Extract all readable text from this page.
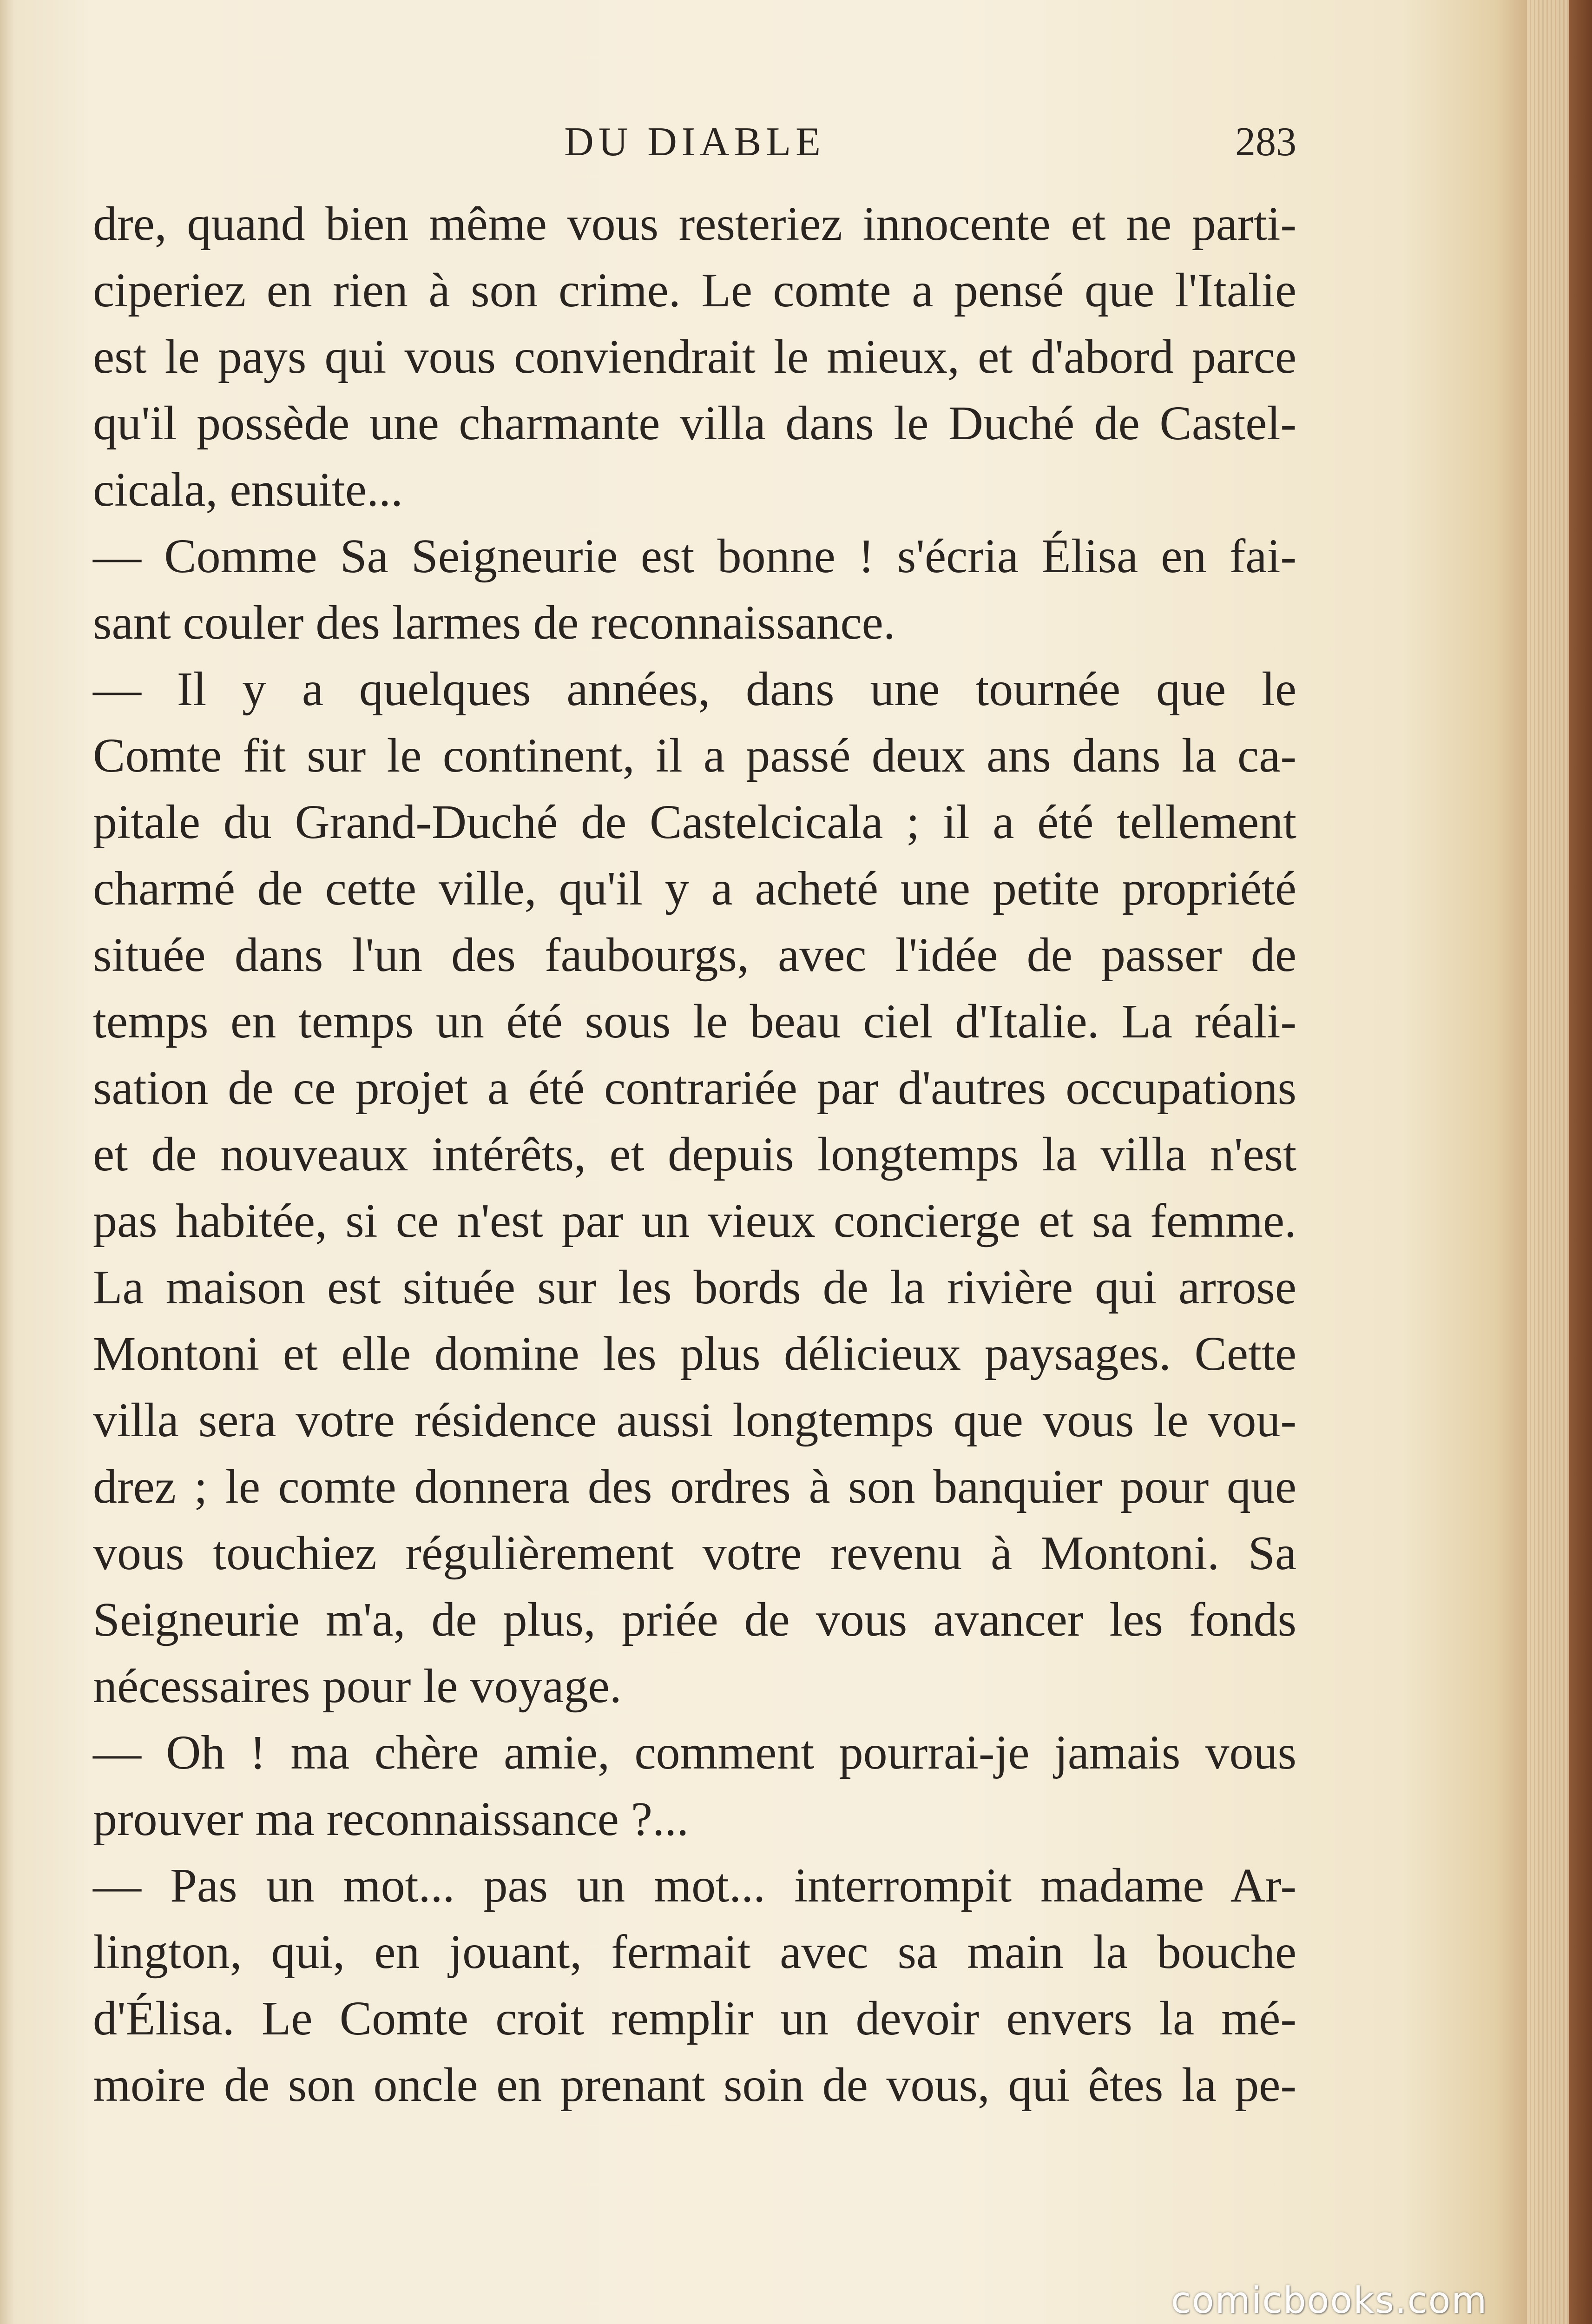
DU DIABLE	283
dre, quand bien même vous resteriez innocente et ne parti-
ciperiez en rien à son crime. Le comte a pensé que l'Italie
est le pays qui vous conviendrait le mieux, et d'abord parce
qu'il possède une charmante villa dans le Duché de Castel-
cicala, ensuite...
— Comme Sa Seigneurie est bonne ! s'écria Élisa en fai-
sant couler des larmes de reconnaissance.
— Il y a quelques années, dans une tournée que le
Comte fit sur le continent, il a passé deux ans dans la ca-
pitale du Grand-Duché de Castelcicala ; il a été tellement
charmé de cette ville, qu'il y a acheté une petite propriété
située dans l'un des faubourgs, avec l'idée de passer de
temps en temps un été sous le beau ciel d'Italie. La réali-
sation de ce projet a été contrariée par d'autres occupations
et de nouveaux intérêts, et depuis longtemps la villa n'est
pas habitée, si ce n'est par un vieux concierge et sa femme.
La maison est située sur les bords de la rivière qui arrose
Montoni et elle domine les plus délicieux paysages. Cette
villa sera votre résidence aussi longtemps que vous le vou-
drez ; le comte donnera des ordres à son banquier pour que
vous touchiez régulièrement votre revenu à Montoni. Sa
Seigneurie m'a, de plus, priée de vous avancer les fonds
nécessaires pour le voyage.
— Oh ! ma chère amie, comment pourrai-je jamais vous
prouver ma reconnaissance ?...
— Pas un mot... pas un mot... interrompit madame Ar-
lington, qui, en jouant, fermait avec sa main la bouche
d'Élisa. Le Comte croit remplir un devoir envers la mé-
moire de son oncle en prenant soin de vous, qui êtes la pe-
comicbooks.com
